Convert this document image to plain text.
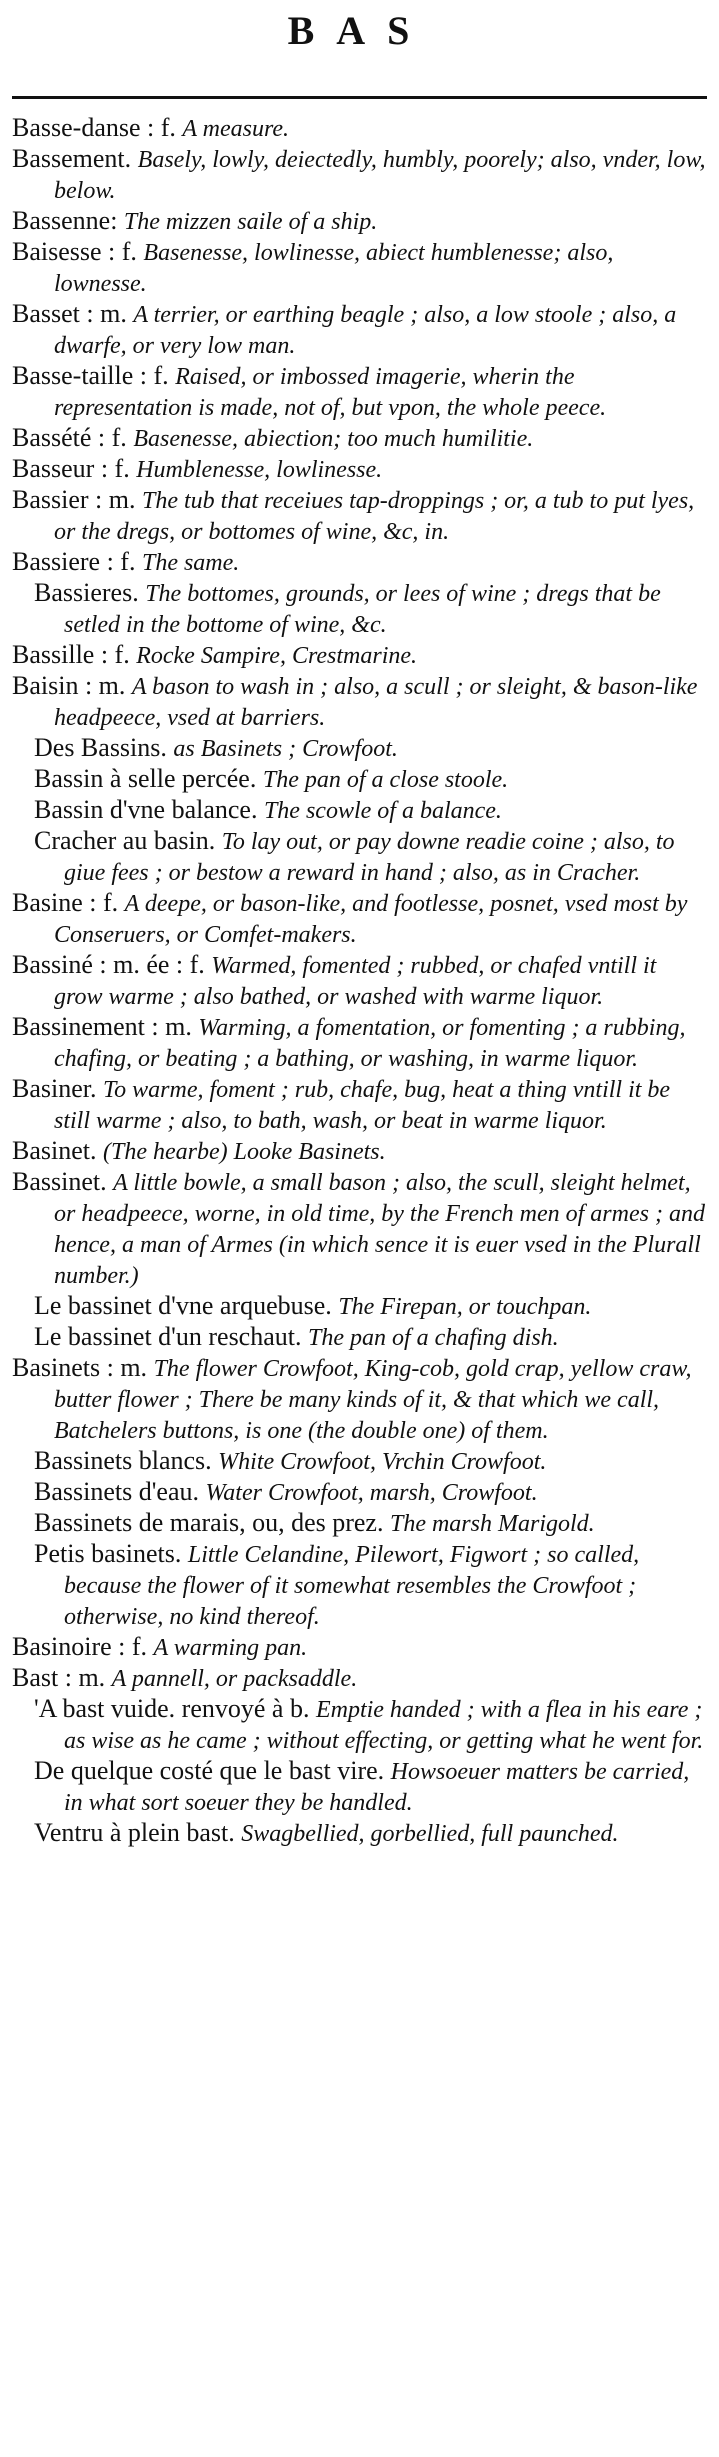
BAS

Basse-danse : f. A measure.

Bassement. Basely, lowly, deiectedly, humbly, poorely; also, vnder, low, below.

Bassenne: The mizzen saile of a ship.

Baisesse : f. Basenesse, lowlinesse, abiect humblenesse; also, lownesse.

Basset : m. A terrier, or earthing beagle ; also, a low stoole ; also, a dwarfe, or very low man.

Basse-taille : f. Raised, or imbossed imagerie, wherin the representation is made, not of, but vpon, the whole peece.

Bassété : f. Basenesse, abiection; too much humilitie.

Basseur : f. Humblenesse, lowlinesse.

Bassier : m. The tub that receiues tap-droppings ; or, a tub to put lyes, or the dregs, or bottomes of wine, &c, in.

Bassiere : f. The same.

Bassieres. The bottomes, grounds, or lees of wine ; dregs that be setled in the bottome of wine, &c.

Bassille : f. Rocke Sampire, Crestmarine.

Baisin : m. A bason to wash in ; also, a scull ; or sleight, & bason-like headpeece, vsed at barriers.

Des Bassins. as Basinets ; Crowfoot.

Bassin à selle percée. The pan of a close stoole.

Bassin d'vne balance. The scowle of a balance.

Cracher au basin. To lay out, or pay downe readie coine ; also, to giue fees ; or bestow a reward in hand ; also, as in Cracher.

Basine : f. A deepe, or bason-like, and footlesse, posnet, vsed most by Conseruers, or Comfet-makers.

Bassiné : m. ée : f. Warmed, fomented ; rubbed, or chafed vntill it grow warme ; also bathed, or washed with warme liquor.

Bassinement : m. Warming, a fomentation, or fomenting ; a rubbing, chafing, or beating ; a bathing, or washing, in warme liquor.

Basiner. To warme, foment ; rub, chafe, bug, heat a thing vntill it be still warme ; also, to bath, wash, or beat in warme liquor.

Basinet. (The hearbe) Looke Basinets.

Bassinet. A little bowle, a small bason ; also, the scull, sleight helmet, or headpeece, worne, in old time, by the French men of armes ; and hence, a man of Armes (in which sence it is euer vsed in the Plurall number.)

Le bassinet d'vne arquebuse. The Firepan, or touchpan.

Le bassinet d'un reschaut. The pan of a chafing dish.

Basinets : m. The flower Crowfoot, King-cob, gold crap, yellow craw, butter flower ; There be many kinds of it, & that which we call, Batchelers buttons, is one (the double one) of them.

Bassinets blancs. White Crowfoot, Vrchin Crowfoot.

Bassinets d'eau. Water Crowfoot, marsh, Crowfoot.

Bassinets de marais, ou, des prez. The marsh Marigold.

Petis basinets. Little Celandine, Pilewort, Figwort ; so called, because the flower of it somewhat resembles the Crowfoot ; otherwise, no kind thereof.

Basinoire : f. A warming pan.

Bast : m. A pannell, or packsaddle.

'A bast vuide. renvoyé à b. Emptie handed ; with a flea in his eare ; as wise as he came ; without effecting, or getting what he went for.

De quelque costé que le bast vire. Howsoeuer matters be carried, in what sort soeuer they be handled.

Ventru à plein bast. Swagbellied, gorbellied, full paunched.
